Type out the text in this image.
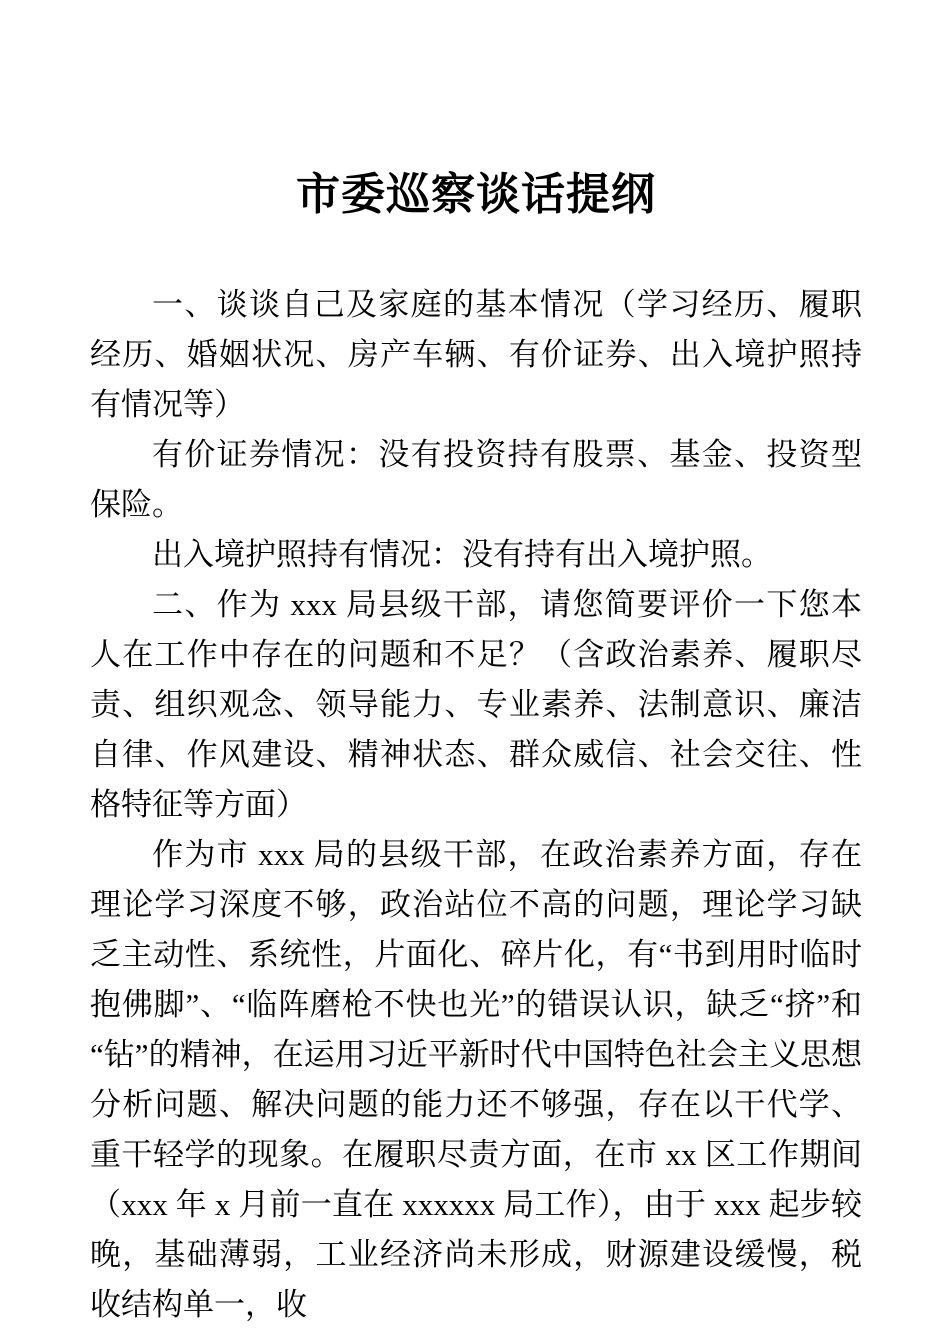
市委巡察谈话提纲

一、谈谈自己及家庭的基本情况（学习经历、履职经历、婚姻状况、房产车辆、有价证券、出入境护照持有情况等）

有价证券情况：没有投资持有股票、基金、投资型保险。

出入境护照持有情况：没有持有出入境护照。

二、作为 xxx 局县级干部，请您简要评价一下您本人在工作中存在的问题和不足？（含政治素养、履职尽责、组织观念、领导能力、专业素养、法制意识、廉洁自律、作风建设、精神状态、群众威信、社会交往、性格特征等方面）

作为市 xxx 局的县级干部，在政治素养方面，存在理论学习深度不够，政治站位不高的问题，理论学习缺乏主动性、系统性，片面化、碎片化，有“书到用时临时抱佛脚”、“临阵磨枪不快也光”的错误认识，缺乏“挤”和“钻”的精神，在运用习近平新时代中国特色社会主义思想分析问题、解决问题的能力还不够强，存在以干代学、重干轻学的现象。在履职尽责方面，在市 xx 区工作期间（xxx 年 x 月前一直在 xxxxxx 局工作），由于 xxx 起步较晚，基础薄弱，工业经济尚未形成，财源建设缓慢，税收结构单一，收
